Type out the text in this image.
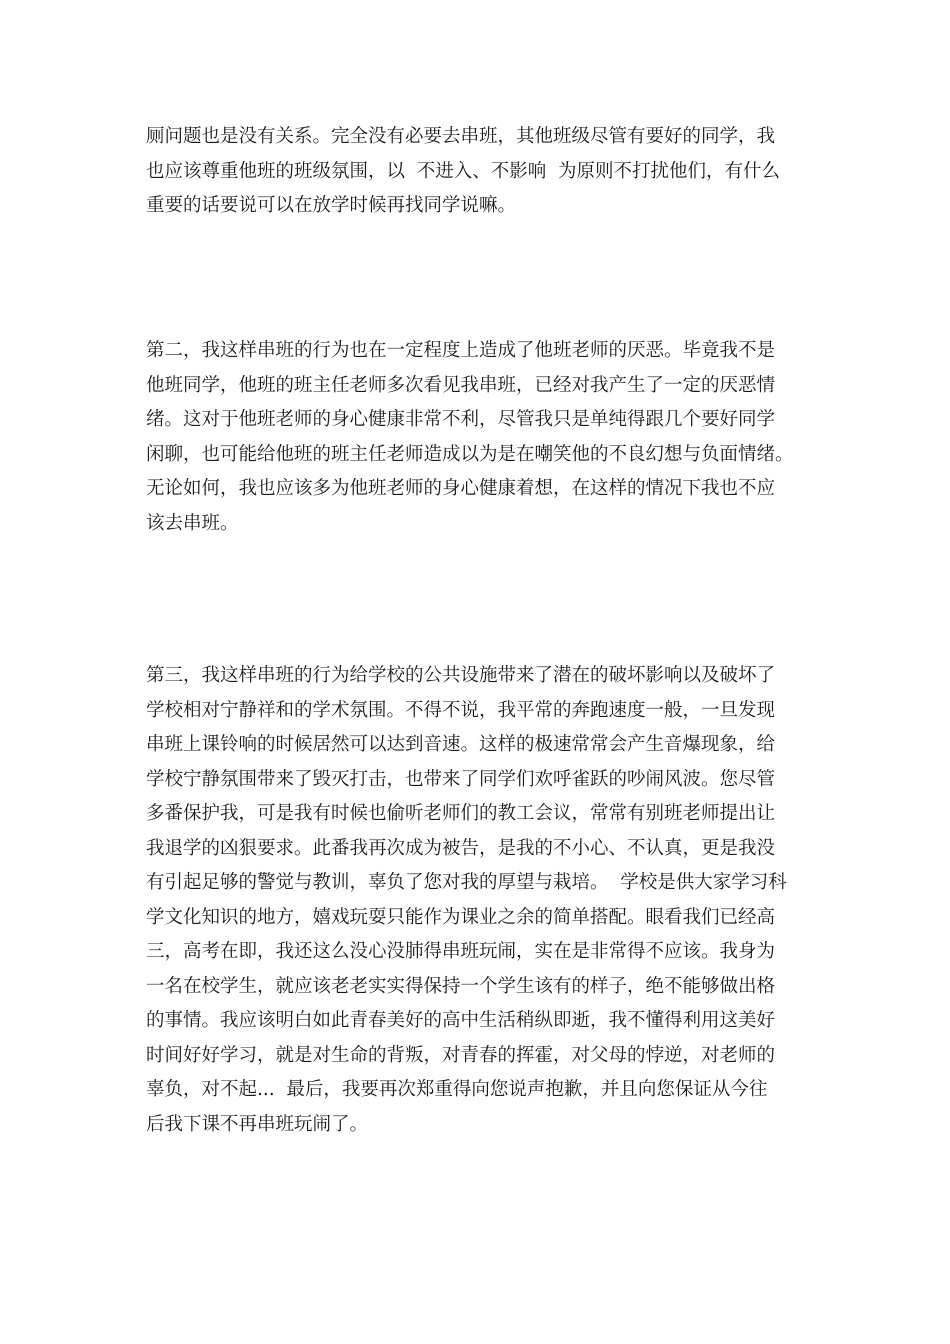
厕问题也是没有关系。完全没有必要去串班，其他班级尽管有要好的同学，我
也应该尊重他班的班级氛围，以  不进入、不影响  为原则不打扰他们，有什么
重要的话要说可以在放学时候再找同学说嘛。
第二，我这样串班的行为也在一定程度上造成了他班老师的厌恶。毕竟我不是
他班同学，他班的班主任老师多次看见我串班，已经对我产生了一定的厌恶情
绪。这对于他班老师的身心健康非常不利，尽管我只是单纯得跟几个要好同学
闲聊，也可能给他班的班主任老师造成以为是在嘲笑他的不良幻想与负面情绪。
无论如何，我也应该多为他班老师的身心健康着想，在这样的情况下我也不应
该去串班。
第三，我这样串班的行为给学校的公共设施带来了潜在的破坏影响以及破坏了
学校相对宁静祥和的学术氛围。不得不说，我平常的奔跑速度一般，一旦发现
串班上课铃响的时候居然可以达到音速。这样的极速常常会产生音爆现象，给
学校宁静氛围带来了毁灭打击，也带来了同学们欢呼雀跃的吵闹风波。您尽管
多番保护我，可是我有时候也偷听老师们的教工会议，常常有别班老师提出让
我退学的凶狠要求。此番我再次成为被告，是我的不小心、不认真，更是我没
有引起足够的警觉与教训，辜负了您对我的厚望与栽培。  学校是供大家学习科
学文化知识的地方，嬉戏玩耍只能作为课业之余的简单搭配。眼看我们已经高
三，高考在即，我还这么没心没肺得串班玩闹，实在是非常得不应该。我身为
一名在校学生，就应该老老实实得保持一个学生该有的样子，绝不能够做出格
的事情。我应该明白如此青春美好的高中生活稍纵即逝，我不懂得利用这美好
时间好好学习，就是对生命的背叛，对青春的挥霍，对父母的悖逆，对老师的
辜负，对不起...  最后，我要再次郑重得向您说声抱歉，并且向您保证从今往
后我下课不再串班玩闹了。
